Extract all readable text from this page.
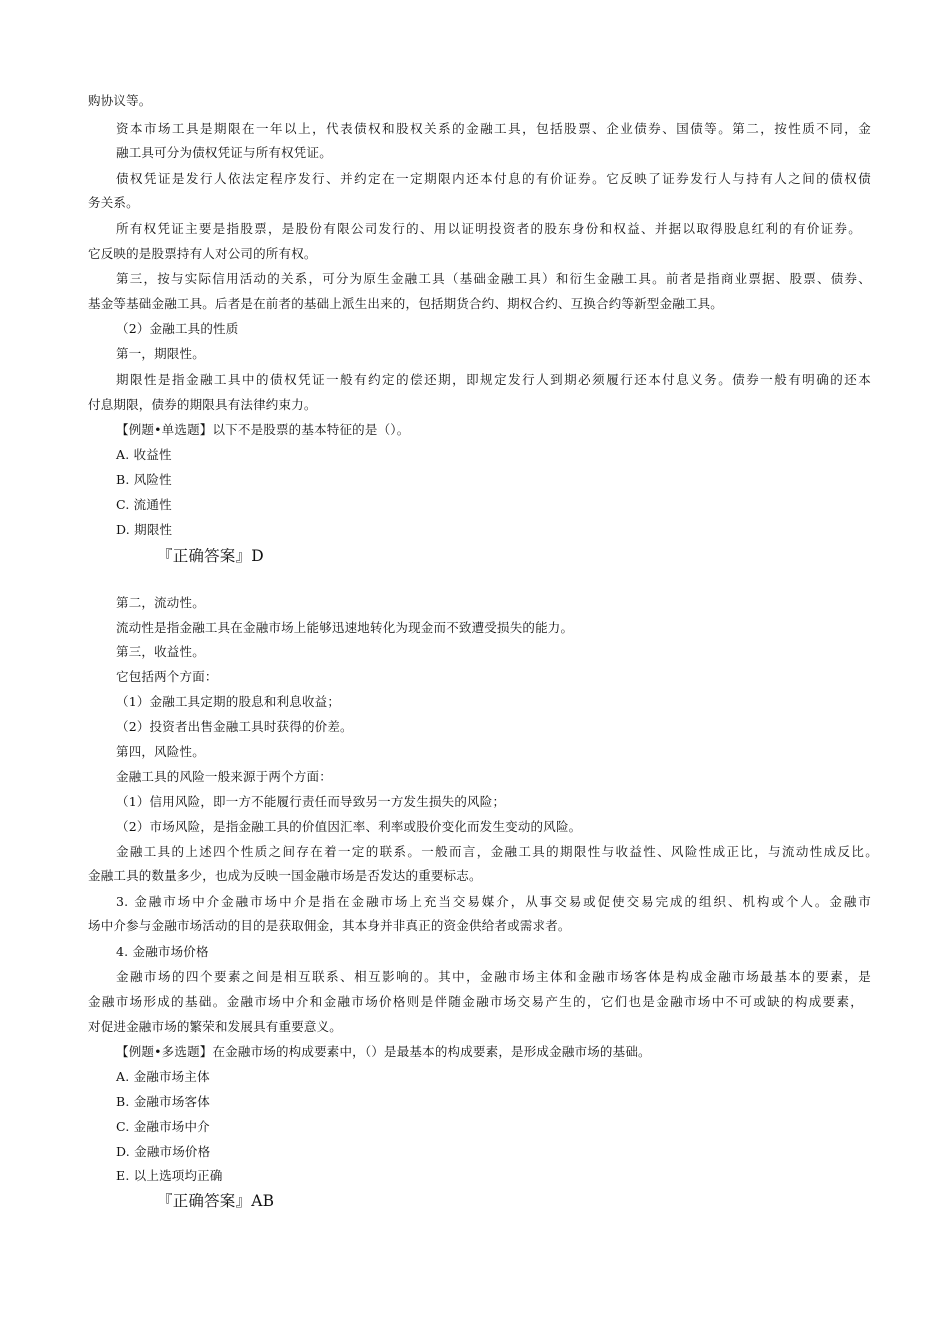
购协议等。
资本市场工具是期限在一年以上，代表债权和股权关系的金融工具，包括股票、企业债券、国债等。第二，按性质不同，金
融工具可分为债权凭证与所有权凭证。
债权凭证是发行人依法定程序发行、并约定在一定期限内还本付息的有价证券。它反映了证券发行人与持有人之间的债权债
务关系。
所有权凭证主要是指股票，是股份有限公司发行的、用以证明投资者的股东身份和权益、并据以取得股息红利的有价证券。
它反映的是股票持有人对公司的所有权。
第三，按与实际信用活动的关系，可分为原生金融工具（基础金融工具）和衍生金融工具。前者是指商业票据、股票、债券、
基金等基础金融工具。后者是在前者的基础上派生出来的，包括期货合约、期权合约、互换合约等新型金融工具。
（2）金融工具的性质
第一，期限性。
期限性是指金融工具中的债权凭证一般有约定的偿还期，即规定发行人到期必须履行还本付息义务。债券一般有明确的还本
付息期限，债券的期限具有法律约束力。
【例题•单选题】以下不是股票的基本特征的是（）。
A. 收益性
B. 风险性
C. 流通性
D. 期限性
『正确答案』D
第二，流动性。
流动性是指金融工具在金融市场上能够迅速地转化为现金而不致遭受损失的能力。
第三，收益性。
它包括两个方面：
（1）金融工具定期的股息和利息收益；
（2）投资者出售金融工具时获得的价差。
第四，风险性。
金融工具的风险一般来源于两个方面：
（1）信用风险，即一方不能履行责任而导致另一方发生损失的风险；
（2）市场风险，是指金融工具的价值因汇率、利率或股价变化而发生变动的风险。
金融工具的上述四个性质之间存在着一定的联系。一般而言，金融工具的期限性与收益性、风险性成正比，与流动性成反比。
金融工具的数量多少，也成为反映一国金融市场是否发达的重要标志。
3. 金融市场中介金融市场中介是指在金融市场上充当交易媒介，从事交易或促使交易完成的组织、机构或个人。金融市
场中介参与金融市场活动的目的是获取佣金，其本身并非真正的资金供给者或需求者。
4. 金融市场价格
金融市场的四个要素之间是相互联系、相互影响的。其中，金融市场主体和金融市场客体是构成金融市场最基本的要素，是
金融市场形成的基础。金融市场中介和金融市场价格则是伴随金融市场交易产生的，它们也是金融市场中不可或缺的构成要素，
对促进金融市场的繁荣和发展具有重要意义。
【例题•多选题】在金融市场的构成要素中，（）是最基本的构成要素，是形成金融市场的基础。
A. 金融市场主体
B. 金融市场客体
C. 金融市场中介
D. 金融市场价格
E. 以上选项均正确
『正确答案』AB
